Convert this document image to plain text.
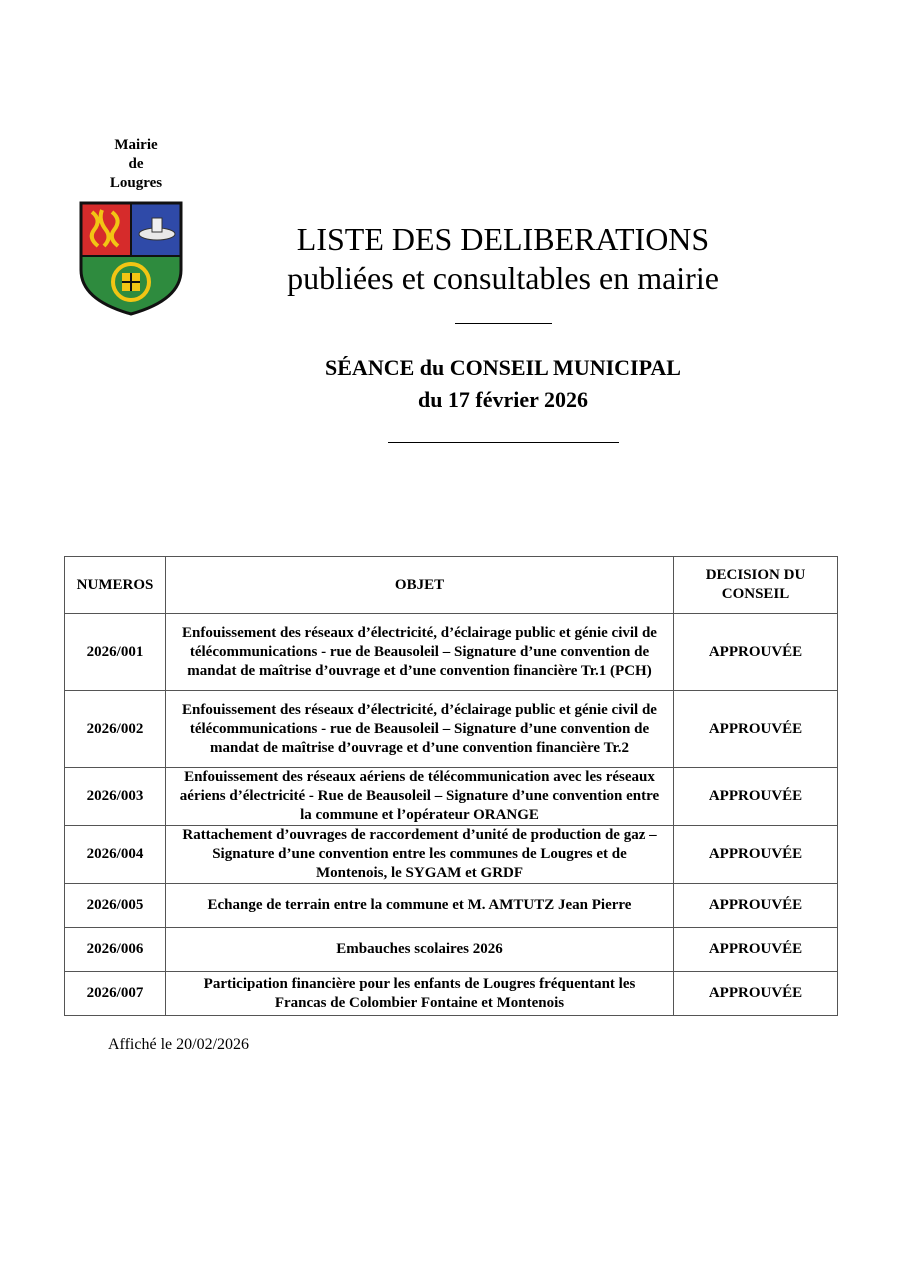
Mairie
de
Lougres
LISTE DES DELIBERATIONS
publiées et consultables en mairie
SÉANCE du CONSEIL MUNICIPAL
du 17 février 2026
NUMEROS	OBJET	DECISION DU CONSEIL
2026/001	Enfouissement des réseaux d’électricité, d’éclairage public et génie civil de télécommunications - rue de Beausoleil – Signature d’une convention de mandat de maîtrise d’ouvrage et d’une convention financière Tr.1 (PCH)	APPROUVÉE
2026/002	Enfouissement des réseaux d’électricité, d’éclairage public et génie civil de télécommunications - rue de Beausoleil – Signature d’une convention de mandat de maîtrise d’ouvrage et d’une convention financière Tr.2	APPROUVÉE
2026/003	Enfouissement des réseaux aériens de télécommunication avec les réseaux aériens d’électricité - Rue de Beausoleil – Signature d’une convention entre la commune et l’opérateur ORANGE	APPROUVÉE
2026/004	Rattachement d’ouvrages de raccordement d’unité de production de gaz – Signature d’une convention entre les communes de Lougres et de Montenois, le SYGAM et GRDF	APPROUVÉE
2026/005	Echange de terrain entre la commune et M. AMTUTZ Jean Pierre	APPROUVÉE
2026/006	Embauches scolaires 2026	APPROUVÉE
2026/007	Participation financière pour les enfants de Lougres fréquentant les Francas de Colombier Fontaine et Montenois	APPROUVÉE
Affiché le 20/02/2026
